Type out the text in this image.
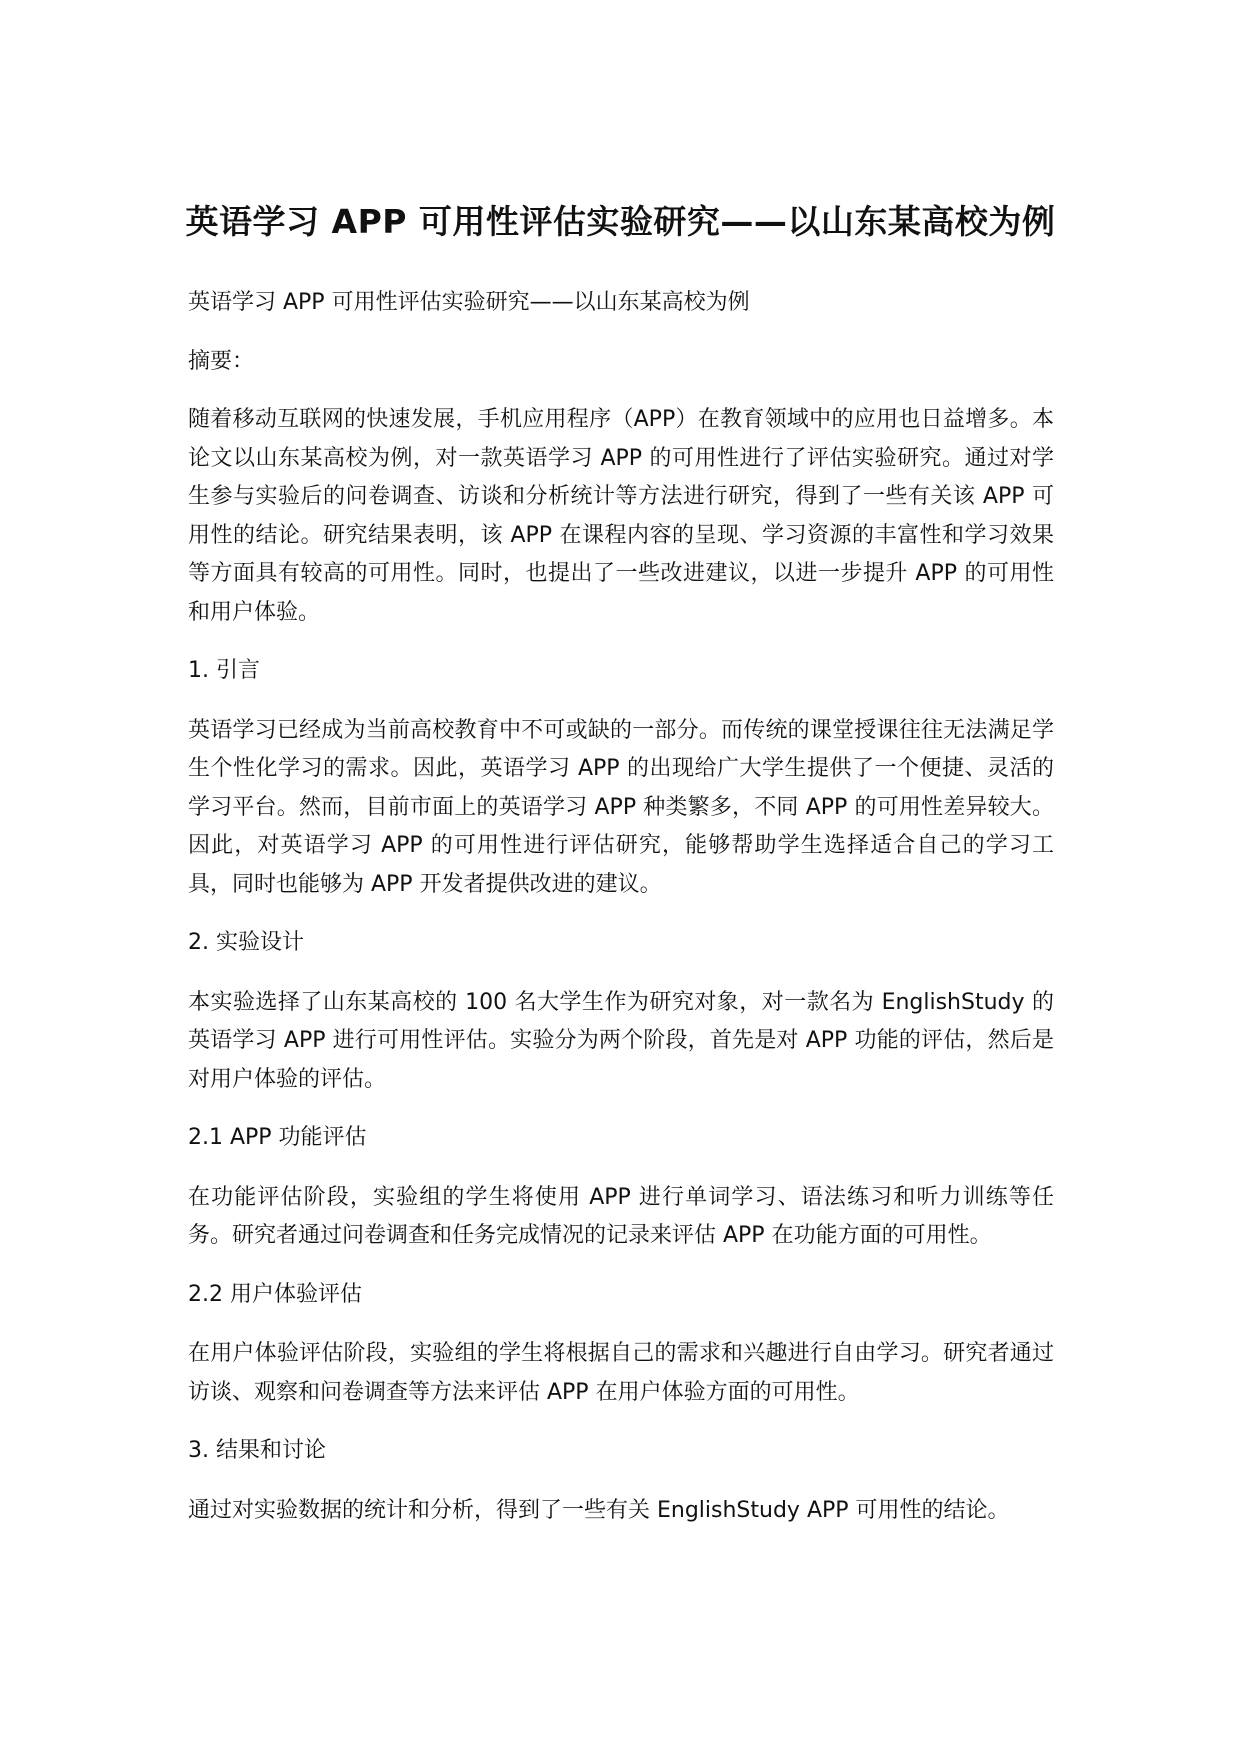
英语学习 APP 可用性评估实验研究——以山东某高校为例

英语学习 APP 可用性评估实验研究——以山东某高校为例

摘要：

随着移动互联网的快速发展，手机应用程序（APP）在教育领域中的应用也日益增多。本论文以山东某高校为例，对一款英语学习 APP 的可用性进行了评估实验研究。通过对学生参与实验后的问卷调查、访谈和分析统计等方法进行研究，得到了一些有关该 APP 可用性的结论。研究结果表明，该 APP 在课程内容的呈现、学习资源的丰富性和学习效果等方面具有较高的可用性。同时，也提出了一些改进建议，以进一步提升 APP 的可用性和用户体验。

1. 引言

英语学习已经成为当前高校教育中不可或缺的一部分。而传统的课堂授课往往无法满足学生个性化学习的需求。因此，英语学习 APP 的出现给广大学生提供了一个便捷、灵活的学习平台。然而，目前市面上的英语学习 APP 种类繁多，不同 APP 的可用性差异较大。因此，对英语学习 APP 的可用性进行评估研究，能够帮助学生选择适合自己的学习工具，同时也能够为 APP 开发者提供改进的建议。

2. 实验设计

本实验选择了山东某高校的 100 名大学生作为研究对象，对一款名为 EnglishStudy 的英语学习 APP 进行可用性评估。实验分为两个阶段，首先是对 APP 功能的评估，然后是对用户体验的评估。

2.1 APP 功能评估

在功能评估阶段，实验组的学生将使用 APP 进行单词学习、语法练习和听力训练等任务。研究者通过问卷调查和任务完成情况的记录来评估 APP 在功能方面的可用性。

2.2 用户体验评估

在用户体验评估阶段，实验组的学生将根据自己的需求和兴趣进行自由学习。研究者通过访谈、观察和问卷调查等方法来评估 APP 在用户体验方面的可用性。

3. 结果和讨论

通过对实验数据的统计和分析，得到了一些有关 EnglishStudy APP 可用性的结论。
